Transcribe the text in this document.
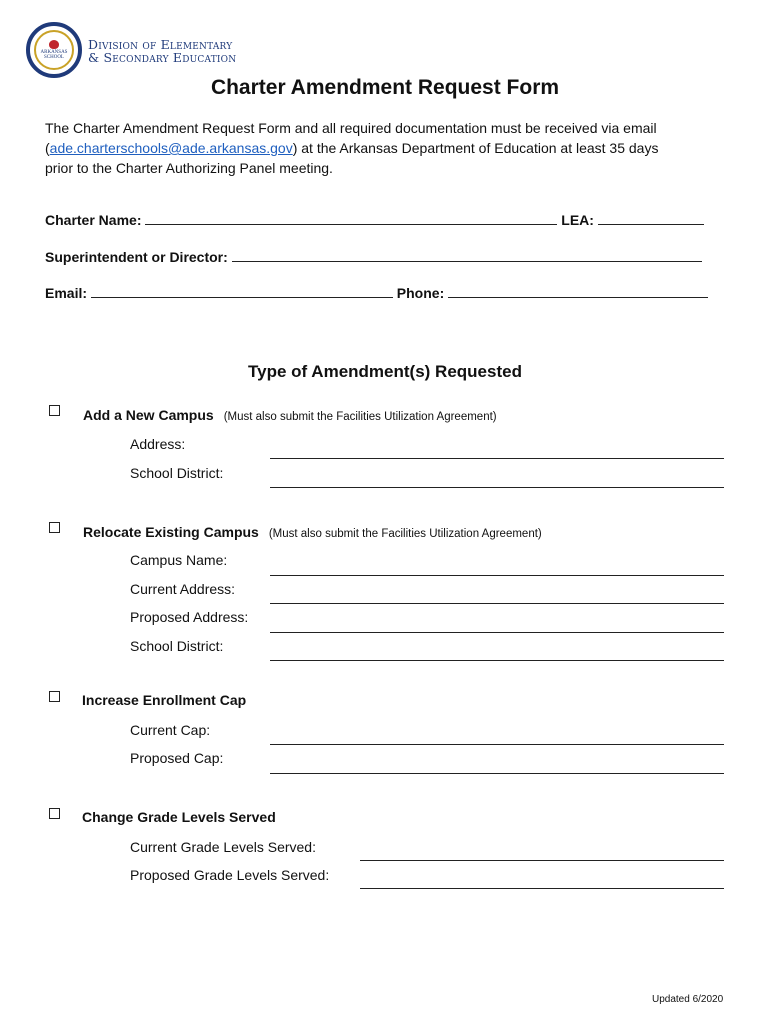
ARKANSAS
SCHOOL
Division of Elementary
& Secondary Education
Charter Amendment Request Form
The Charter Amendment Request Form and all required documentation must be received via email
(ade.charterschools@ade.arkansas.gov) at the Arkansas Department of Education at least 35 days
prior to the Charter Authorizing Panel meeting.
Charter Name:	LEA:
Superintendent or Director:
Email:	Phone:
Type of Amendment(s) Requested
Add a New Campus (Must also submit the Facilities Utilization Agreement)
Address:
School District:
Relocate Existing Campus (Must also submit the Facilities Utilization Agreement)
Campus Name:
Current Address:
Proposed Address:
School District:
Increase Enrollment Cap
Current Cap:
Proposed Cap:
Change Grade Levels Served
Current Grade Levels Served:
Proposed Grade Levels Served:
Updated 6/2020
